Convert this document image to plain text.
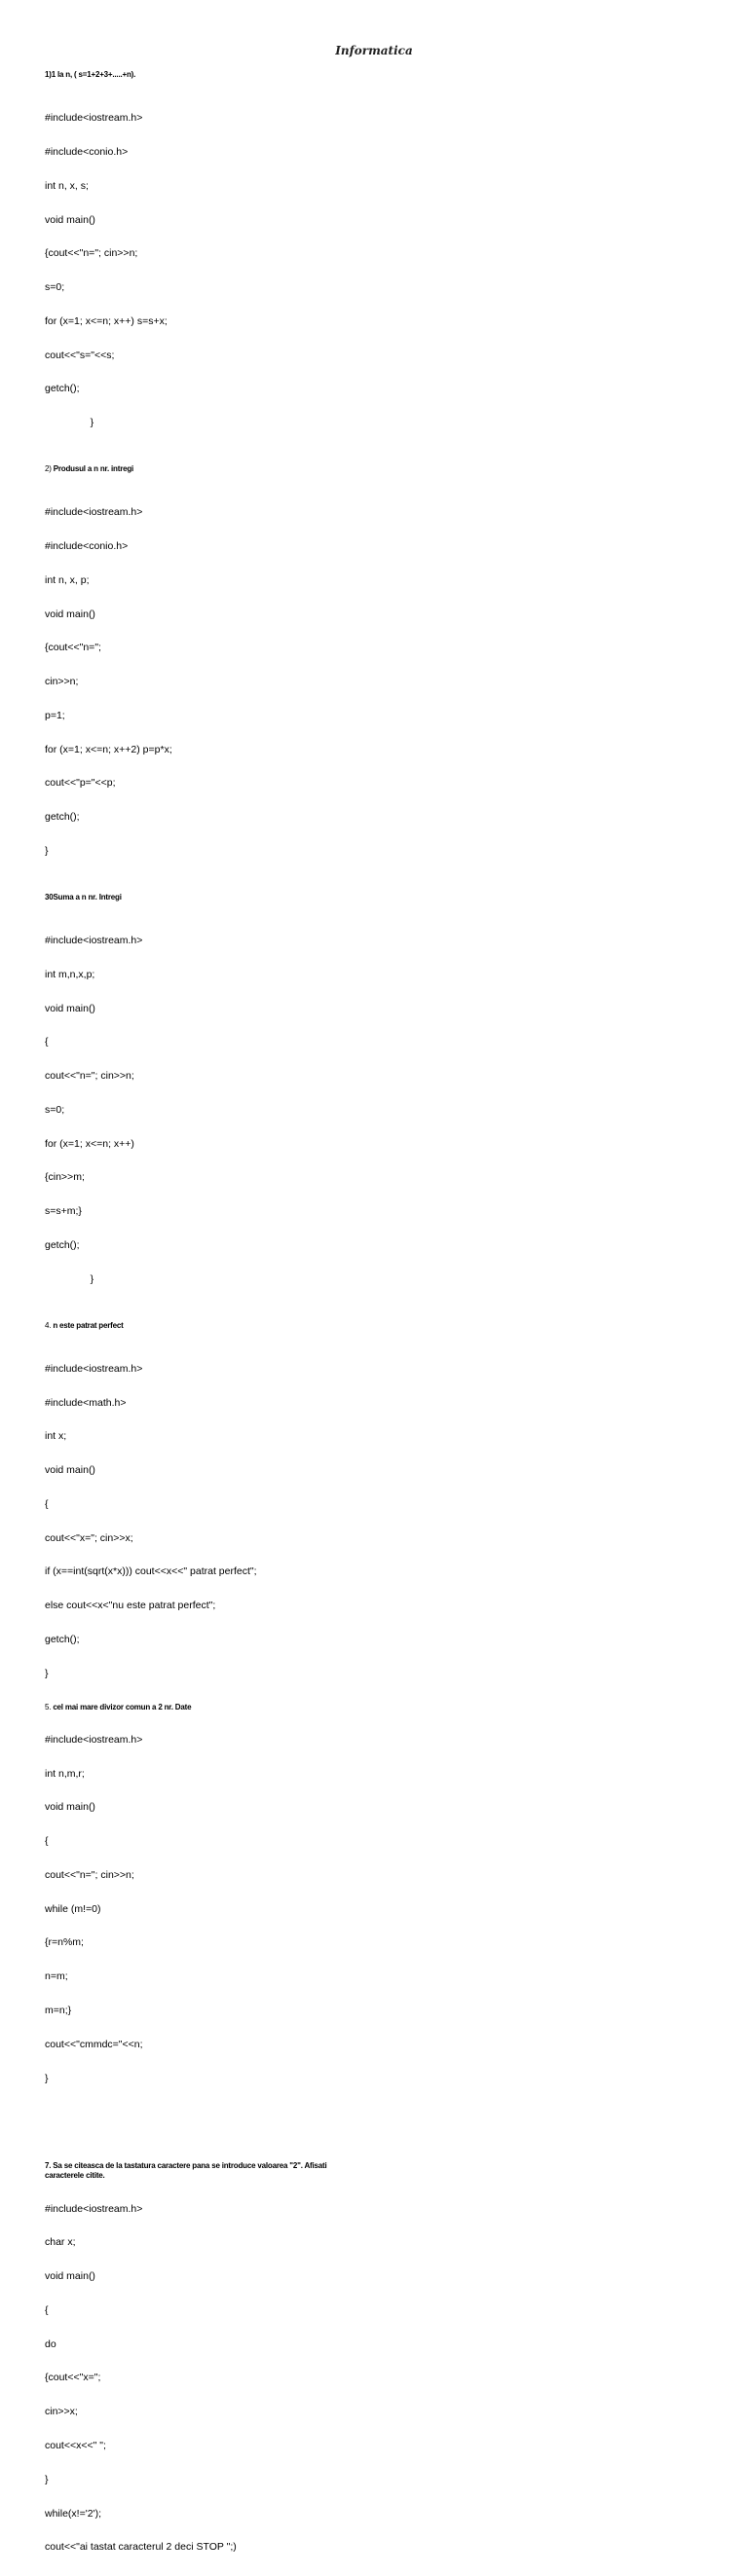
Informatica

1)1 la n, ( s=1+2+3+.....+n).

#include<iostream.h>

#include<conio.h>

int n, x, s;

void main()

{cout<<"n="; cin>>n;

s=0;

for (x=1; x<=n; x++) s=s+x;

cout<<"s="<<s;

getch();

}

2) Produsul a n nr. intregi

#include<iostream.h>

#include<conio.h>

int n, x, p;

void main()

{cout<<"n=";

cin>>n;

p=1;

for (x=1; x<=n; x++2) p=p*x;

cout<<"p="<<p;

getch();

}

30Suma a n nr. Intregi

#include<iostream.h>

int m,n,x,p;

void main()

{

cout<<"n="; cin>>n;

s=0;

for (x=1; x<=n; x++)

{cin>>m;

s=s+m;}

getch();

}

4. n este patrat perfect

#include<iostream.h>

#include<math.h>

int x;

void main()

{

cout<<"x="; cin>>x;

if (x==int(sqrt(x*x))) cout<<x<<" patrat perfect";

else cout<<x<"nu este patrat perfect";

getch();

}

5. cel mai mare divizor comun a 2 nr. Date

#include<iostream.h>

int n,m,r;

void main()

{

cout<<"n="; cin>>n;

while (m!=0)

{r=n%m;

n=m;

m=n;}

cout<<"cmmdc="<<n;

}

7. Sa se citeasca de la tastatura caractere pana se introduce valoarea "2". Afisati caracterele citite.

#include<iostream.h>

char x;

void main()

{

do

{cout<<"x=";

cin>>x;

cout<<x<<" ";

}

while(x!='2');

cout<<"ai tastat caracterul 2 deci STOP ";)
